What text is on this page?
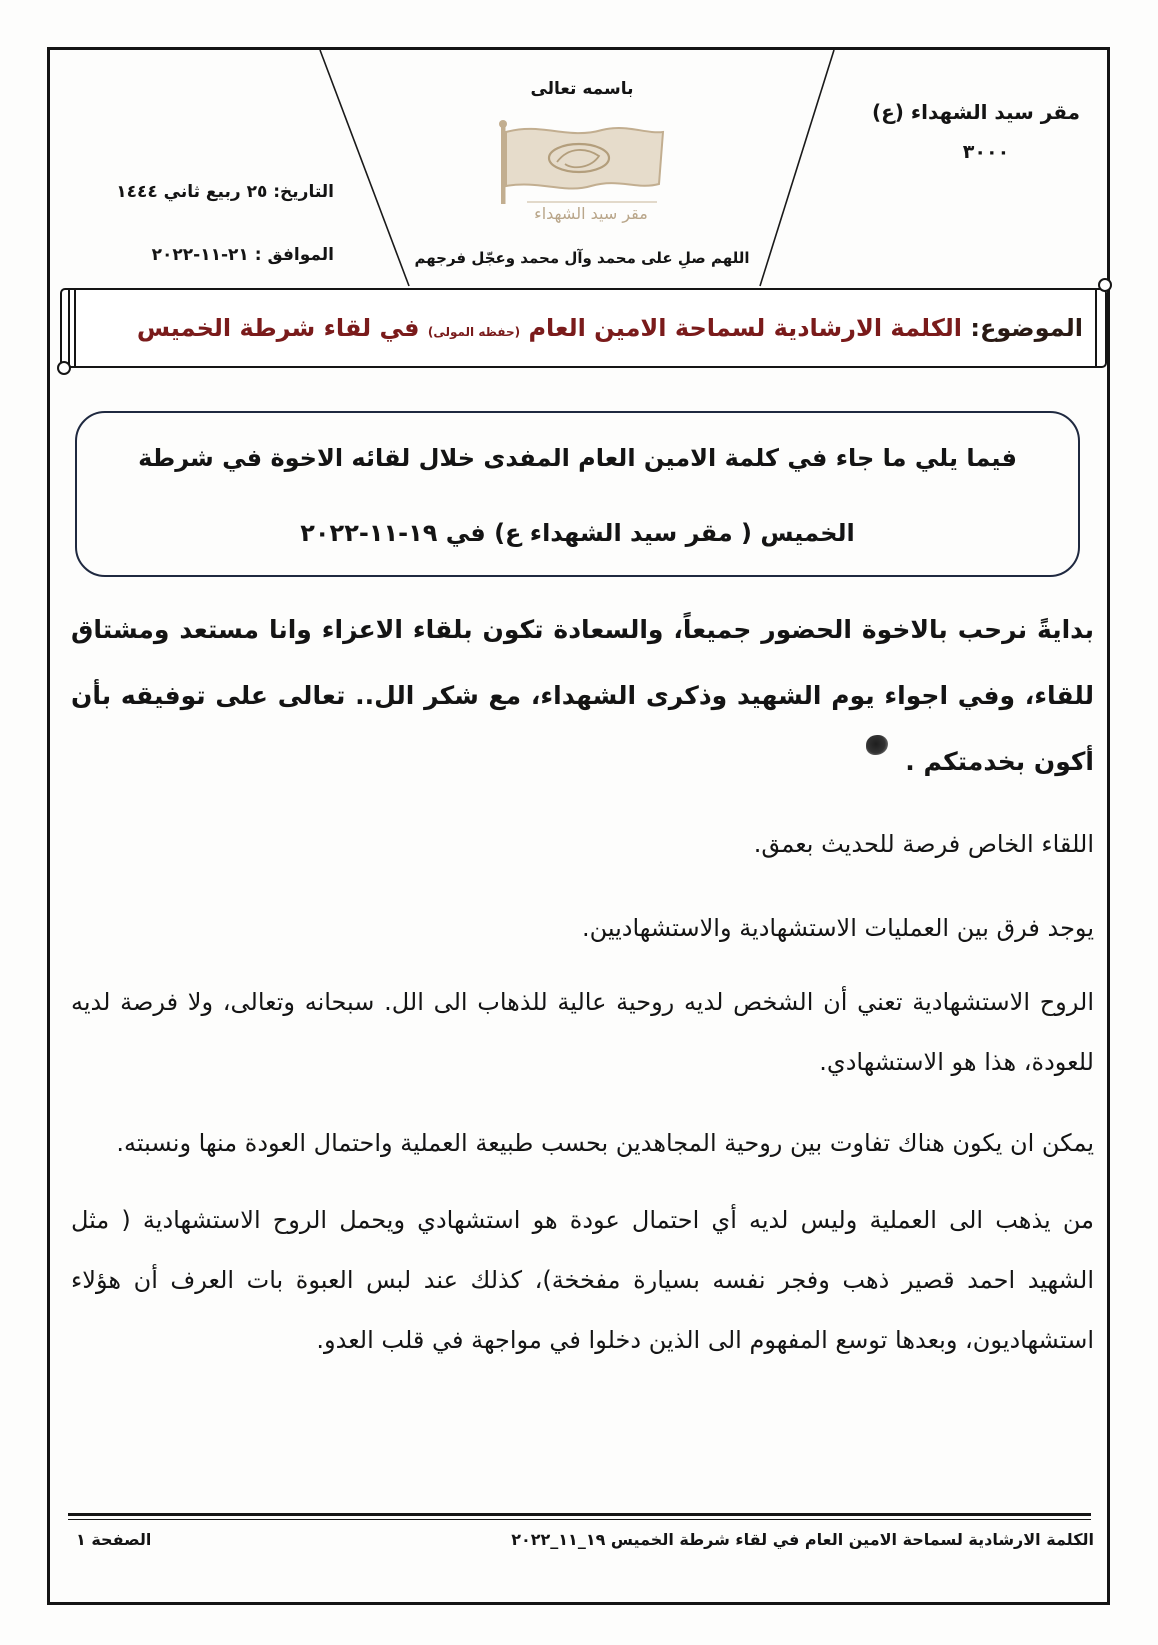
مقر سيد الشهداء (ع)
٣٠٠٠
باسمه تعالى
مقر سيد الشهداء
اللهم صلِ على محمد وآل محمد وعجّل فرجهم
التاريخ: ٢٥ ربيع ثاني ١٤٤٤
الموافق : ٢١-١١-٢٠٢٢
الموضوع: الكلمة الارشادية لسماحة الامين العام (حفظه المولى) في لقاء شرطة الخميس
فيما يلي ما جاء في كلمة الامين العام المفدى خلال لقائه الاخوة في شرطة
الخميس ( مقر سيد الشهداء ع) في ١٩-١١-٢٠٢٢

بدايةً نرحب بالاخوة الحضور جميعاً، والسعادة تكون بلقاء الاعزاء وانا مستعد ومشتاق للقاء، وفي اجواء يوم الشهيد وذكرى الشهداء، مع شكر الل.. تعالى على توفيقه بأن أكون بخدمتكم .

اللقاء الخاص فرصة للحديث بعمق.

يوجد فرق بين العمليات الاستشهادية والاستشهاديين.

الروح الاستشهادية تعني أن الشخص لديه روحية عالية للذهاب الى الل. سبحانه وتعالى، ولا فرصة لديه للعودة، هذا هو الاستشهادي.

يمكن ان يكون هناك تفاوت بين روحية المجاهدين بحسب طبيعة العملية واحتمال العودة منها ونسبته.

من يذهب الى العملية وليس لديه أي احتمال عودة هو استشهادي ويحمل الروح الاستشهادية ( مثل الشهيد احمد قصير ذهب وفجر نفسه بسيارة مفخخة)، كذلك عند لبس العبوة بات العرف أن هؤلاء استشهاديون، وبعدها توسع المفهوم الى الذين دخلوا في مواجهة في قلب العدو.

الكلمة الارشادية لسماحة الامين العام في لقاء شرطة الخميس ١٩_١١_٢٠٢٢
الصفحة ١
